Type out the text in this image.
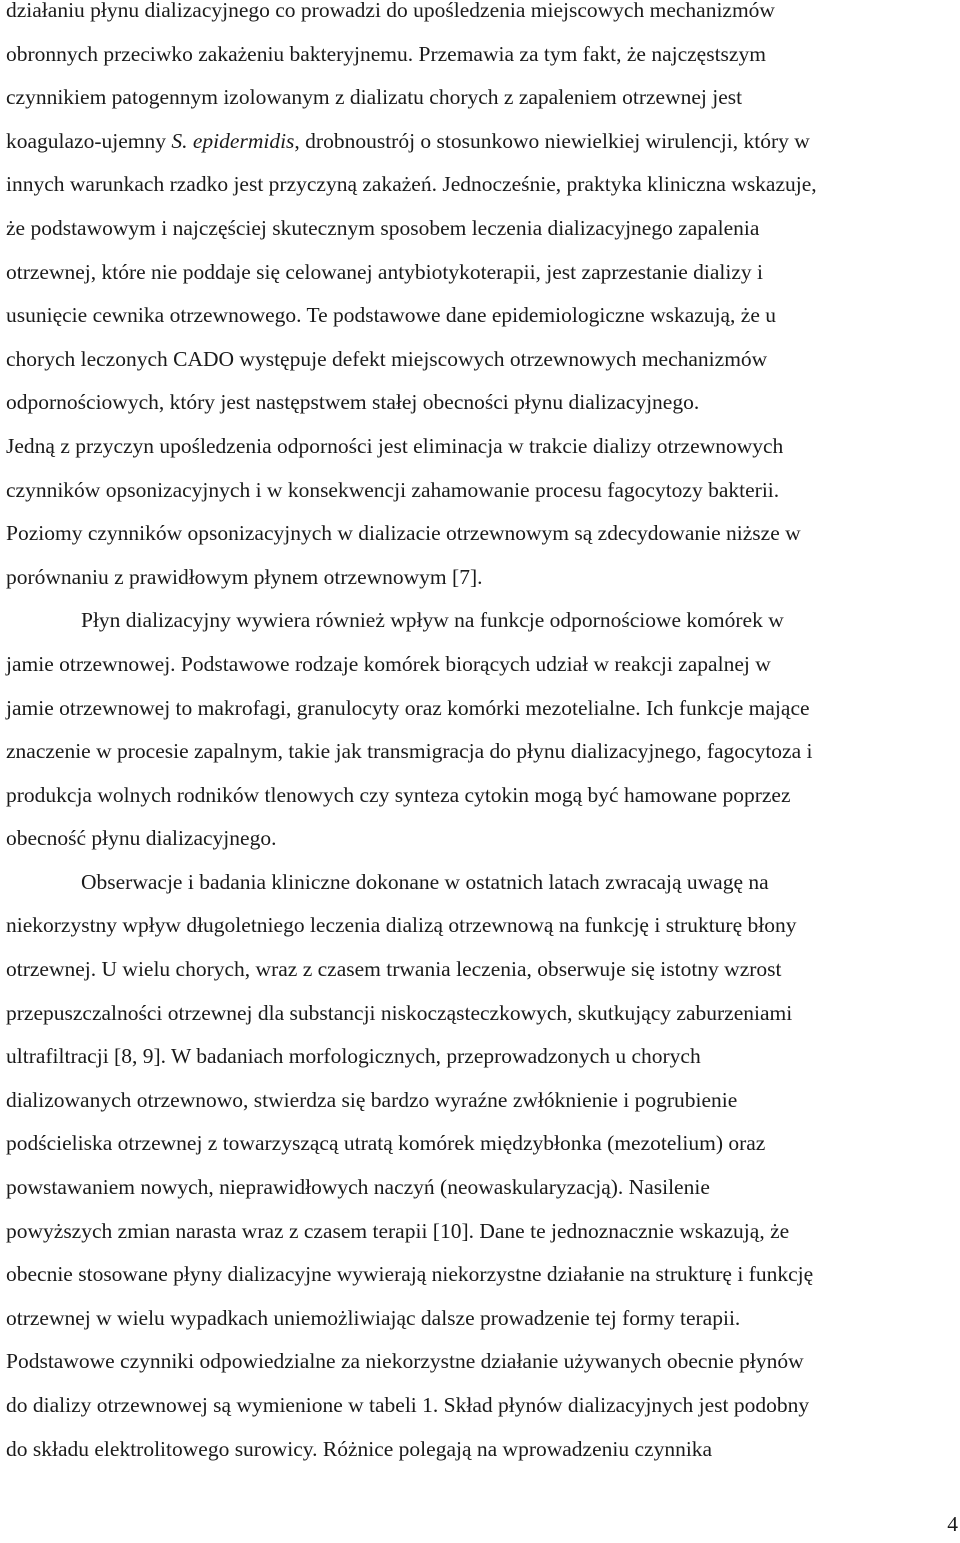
działaniu płynu dializacyjnego co prowadzi do upośledzenia miejscowych mechanizmów
obronnych przeciwko zakażeniu bakteryjnemu. Przemawia za tym fakt, że najczęstszym
czynnikiem patogennym izolowanym z dializatu chorych z zapaleniem otrzewnej jest
koagulazo-ujemny S. epidermidis, drobnoustrój o stosunkowo niewielkiej wirulencji, który w
innych warunkach rzadko jest przyczyną zakażeń. Jednocześnie, praktyka kliniczna wskazuje,
że podstawowym i najczęściej skutecznym sposobem leczenia dializacyjnego zapalenia
otrzewnej, które nie poddaje się celowanej antybiotykoterapii, jest zaprzestanie dializy i
usunięcie cewnika otrzewnowego. Te podstawowe dane epidemiologiczne wskazują, że u
chorych leczonych CADO występuje defekt miejscowych otrzewnowych mechanizmów
odpornościowych, który jest następstwem stałej obecności płynu dializacyjnego.
Jedną z przyczyn upośledzenia odporności jest eliminacja w trakcie dializy otrzewnowych
czynników opsonizacyjnych i w konsekwencji zahamowanie procesu fagocytozy bakterii.
Poziomy czynników opsonizacyjnych w dializacie otrzewnowym są zdecydowanie niższe w
porównaniu z prawidłowym płynem otrzewnowym [7].
Płyn dializacyjny wywiera również wpływ na funkcje odpornościowe komórek w
jamie otrzewnowej. Podstawowe rodzaje komórek biorących udział w reakcji zapalnej w
jamie otrzewnowej to makrofagi, granulocyty oraz komórki mezotelialne. Ich funkcje mające
znaczenie w procesie zapalnym, takie jak transmigracja do płynu dializacyjnego, fagocytoza i
produkcja wolnych rodników tlenowych czy synteza cytokin mogą być hamowane poprzez
obecność płynu dializacyjnego.
Obserwacje i badania kliniczne dokonane w ostatnich latach zwracają uwagę na
niekorzystny wpływ długoletniego leczenia dializą otrzewnową na funkcję i strukturę błony
otrzewnej. U wielu chorych, wraz z czasem trwania leczenia, obserwuje się istotny wzrost
przepuszczalności otrzewnej dla substancji niskocząsteczkowych, skutkujący zaburzeniami
ultrafiltracji [8, 9]. W badaniach morfologicznych, przeprowadzonych u chorych
dializowanych otrzewnowo, stwierdza się bardzo wyraźne zwłóknienie i pogrubienie
podścieliska otrzewnej z towarzyszącą utratą komórek międzybłonka (mezotelium) oraz
powstawaniem nowych, nieprawidłowych naczyń (neowaskularyzacją). Nasilenie
powyższych zmian narasta wraz z czasem terapii [10]. Dane te jednoznacznie wskazują, że
obecnie stosowane płyny dializacyjne wywierają niekorzystne działanie na strukturę i funkcję
otrzewnej w wielu wypadkach uniemożliwiając dalsze prowadzenie tej formy terapii.
Podstawowe czynniki odpowiedzialne za niekorzystne działanie używanych obecnie płynów
do dializy otrzewnowej są wymienione w tabeli 1. Skład płynów dializacyjnych jest podobny
do składu elektrolitowego surowicy. Różnice polegają na wprowadzeniu czynnika
4
